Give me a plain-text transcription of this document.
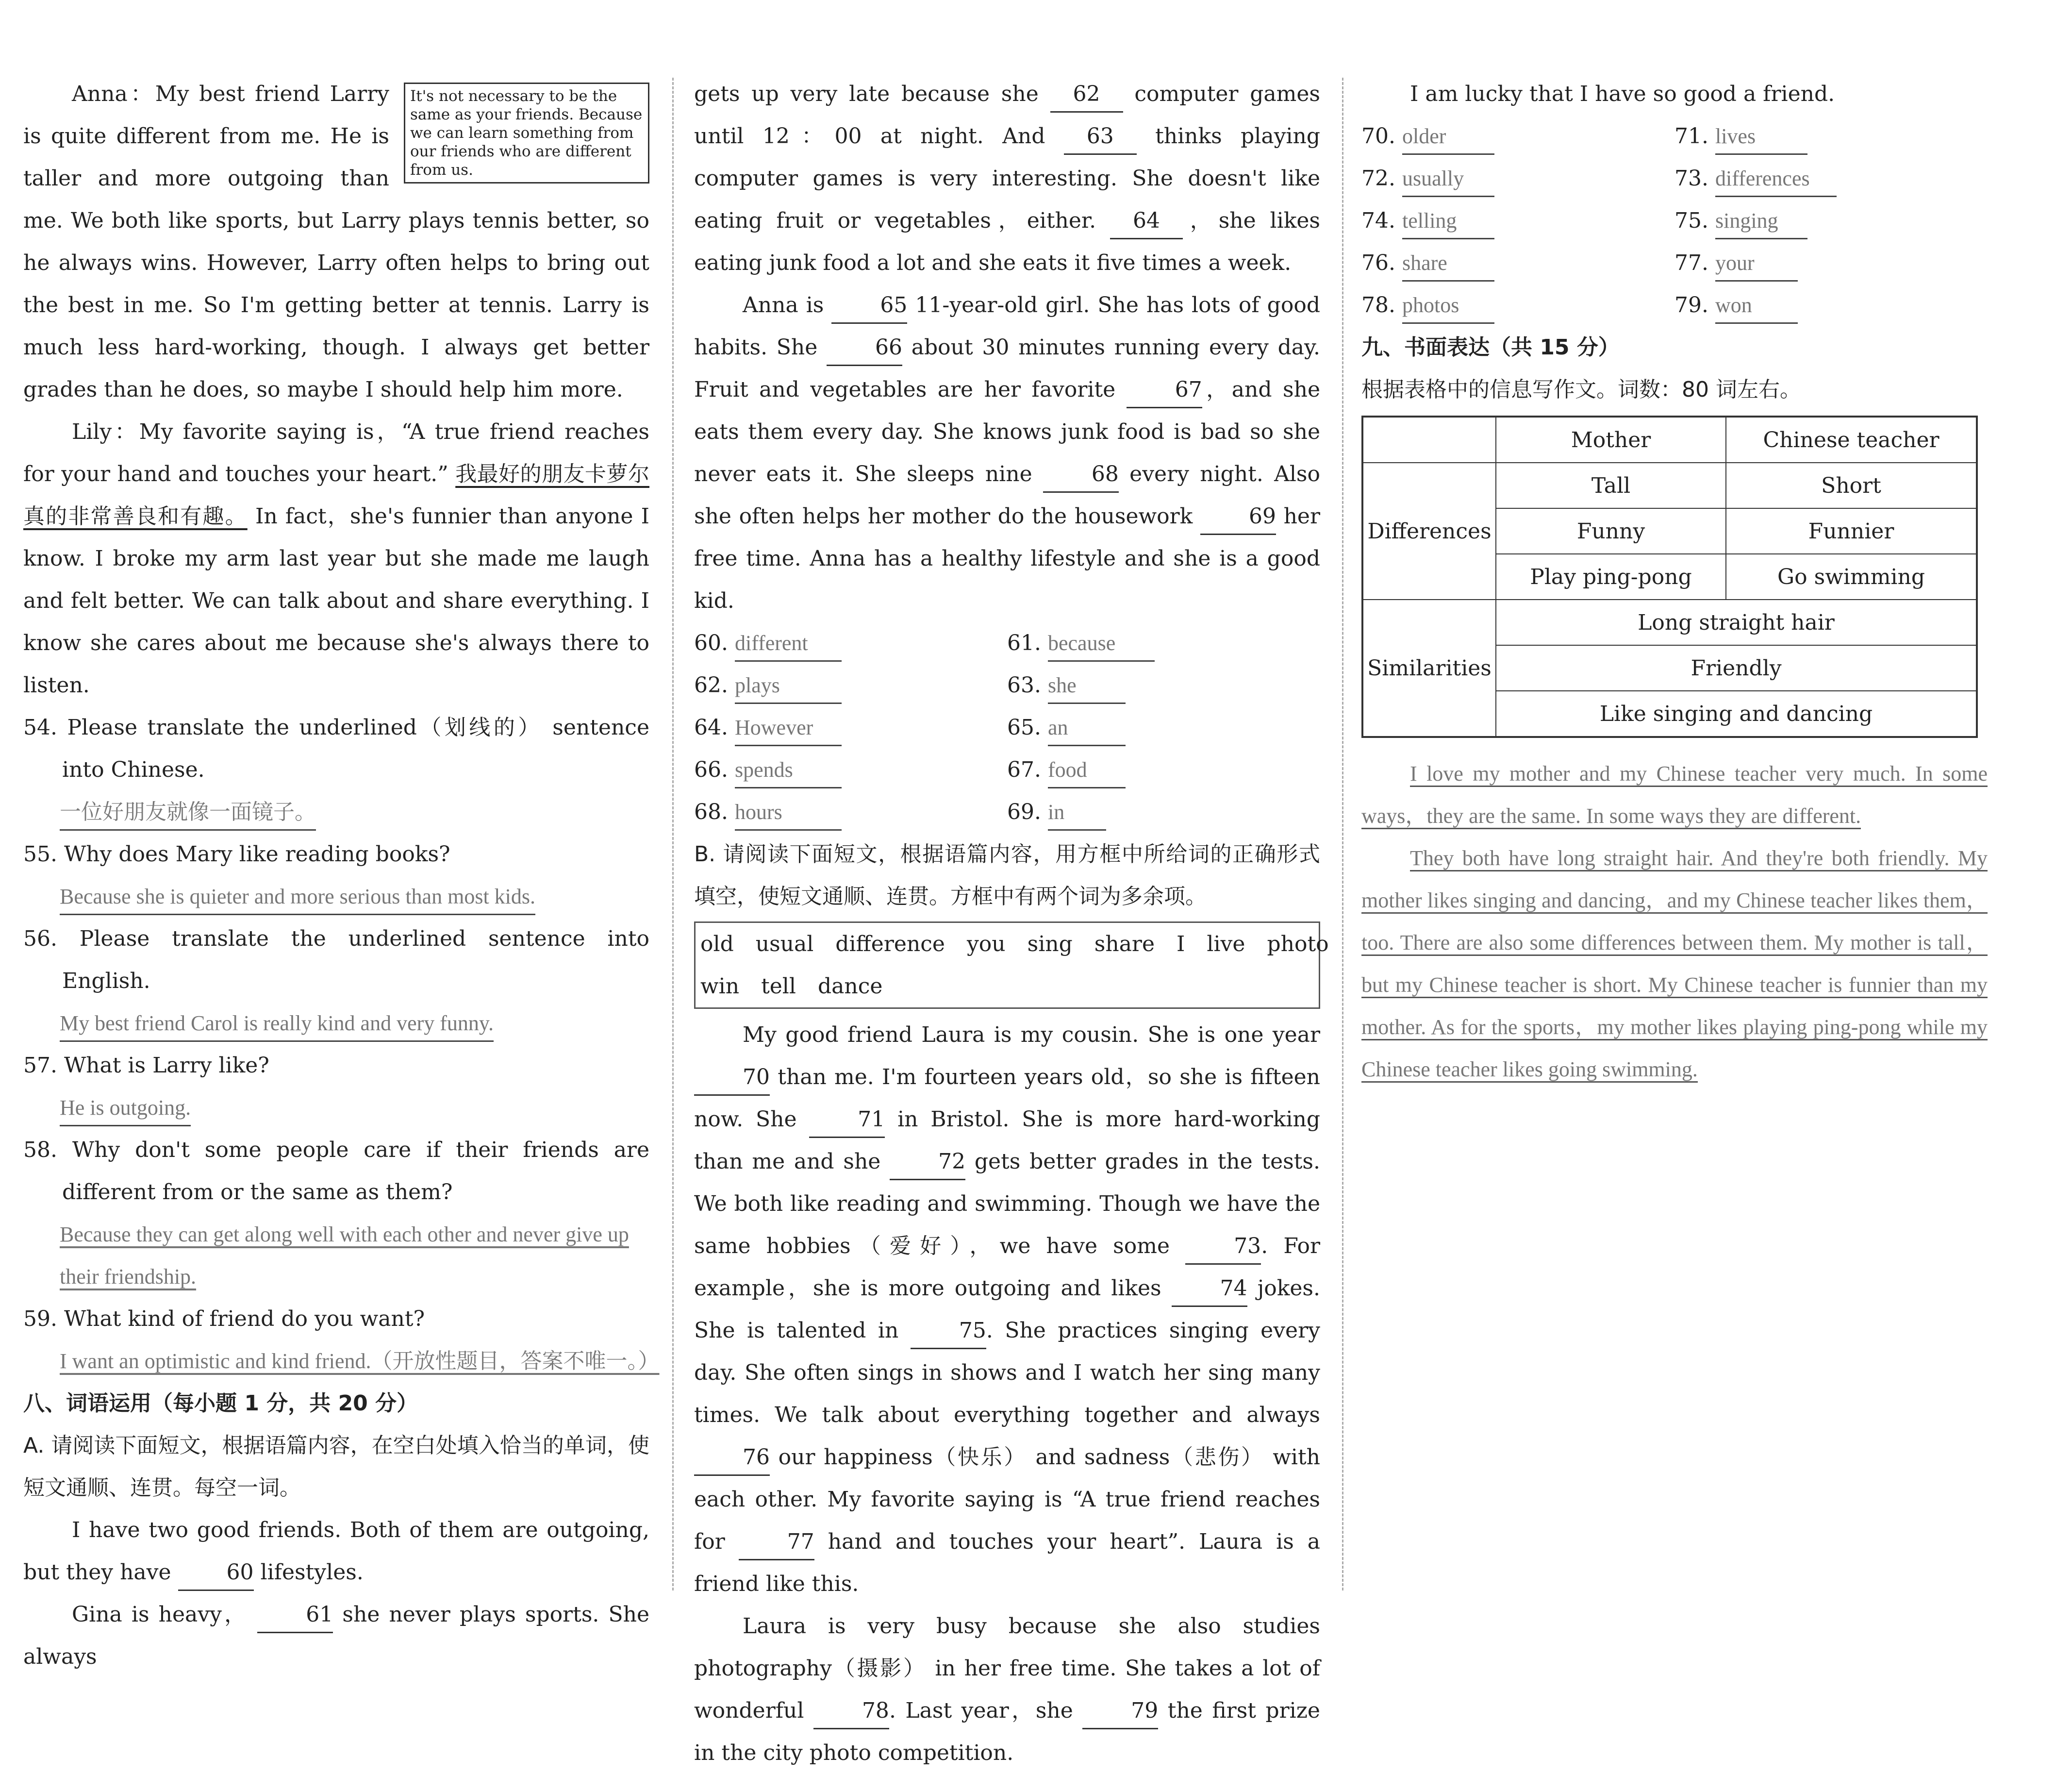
It's not necessary to be the same as your friends. Because we can learn something from our friends who are different from us.

Anna：My best friend Larry is quite different from me. He is taller and more outgoing than me. We both like sports, but Larry plays tennis better, so he always wins. However, Larry often helps to bring out the best in me. So I'm getting better at tennis. Larry is much less hard-working, though. I always get better grades than he does, so maybe I should help him more.

Lily：My favorite saying is，“A true friend reaches for your hand and touches your heart.” 我最好的朋友卡萝尔真的非常善良和有趣。 In fact，she's funnier than anyone I know. I broke my arm last year but she made me laugh and felt better. We can talk about and share everything. I know she cares about me because she's always there to listen.

54. Please translate the underlined（划线的） sentence into Chinese.

一位好朋友就像一面镜子。

55. Why does Mary like reading books?

Because she is quieter and more serious than most kids.

56. Please translate the underlined sentence into English.

My best friend Carol is really kind and very funny.

57. What is Larry like?

He is outgoing.

58. Why don't some people care if their friends are different from or the same as them?

Because they can get along well with each other and never give up their friendship.

59. What kind of friend do you want?

I want an optimistic and kind friend.（开放性题目，答案不唯一。）
八、词语运用（每小题 1 分，共 20 分）

A. 请阅读下面短文，根据语篇内容，在空白处填入恰当的单词，使短文通顺、连贯。每空一词。

I have two good friends. Both of them are outgoing, but they have	60 lifestyles.

Gina is heavy，	61 she never plays sports. She always

gets up very late because she 62 computer games until 12：00 at night. And 63 thinks playing computer games is very interesting. She doesn't like eating fruit or vegetables，either. 64 ，she likes eating junk food a lot and she eats it five times a week.

Anna is	65 11-year-old girl. She has lots of good habits. She	66 about 30 minutes running every day. Fruit and vegetables are her favorite	67，and she eats them every day. She knows junk food is bad so she never eats it. She sleeps nine	68 every night. Also she often helps her mother do the housework	69 her free time. Anna has a healthy lifestyle and she is a good kid.

60. different	61. because
62. plays	63. she
64. However	65. an
66. spends	67. food
68. hours	69. in

B. 请阅读下面短文，根据语篇内容，用方框中所给词的正确形式填空，使短文通顺、连贯。方框中有两个词为多余项。

old usual difference you sing share I live photo
win tell dance

My good friend Laura is my cousin. She is one year 70 than me. I'm fourteen years old，so she is fifteen now. She	71 in Bristol. She is more hard-working than me and she	72 gets better grades in the tests. We both like reading and swimming. Though we have the same hobbies（爱好），we have some	73. For example，she is more outgoing and likes	74 jokes. She is talented in	75. She practices singing every day. She often sings in shows and I watch her sing many times. We talk about everything together and always 76 our happiness（快乐） and sadness（悲伤） with each other. My favorite saying is “A true friend reaches for	77 hand and touches your heart”. Laura is a friend like this.

Laura is very busy because she also studies photography（摄影） in her free time. She takes a lot of wonderful	78. Last year，she	79 the first prize in the city photo competition.

I am lucky that I have so good a friend.

70. older	71. lives
72. usually	73. differences
74. telling	75. singing
76. share	77. your
78. photos	79. won
九、书面表达（共 15 分）

根据表格中的信息写作文。词数：80 词左右。

	Mother	Chinese teacher
Differences	Tall	Short
	Funny	Funnier
	Play ping-pong	Go swimming
Similarities	Long straight hair	
	Friendly	
	Like singing and dancing	

I love my mother and my Chinese teacher very much. In some ways，they are the same. In some ways they are different.

They both have long straight hair. And they're both friendly. My mother likes singing and dancing，and my Chinese teacher likes them，too. There are also some differences between them. My mother is tall，but my Chinese teacher is short. My Chinese teacher is funnier than my mother. As for the sports，my mother likes playing ping-pong while my Chinese teacher likes going swimming.
